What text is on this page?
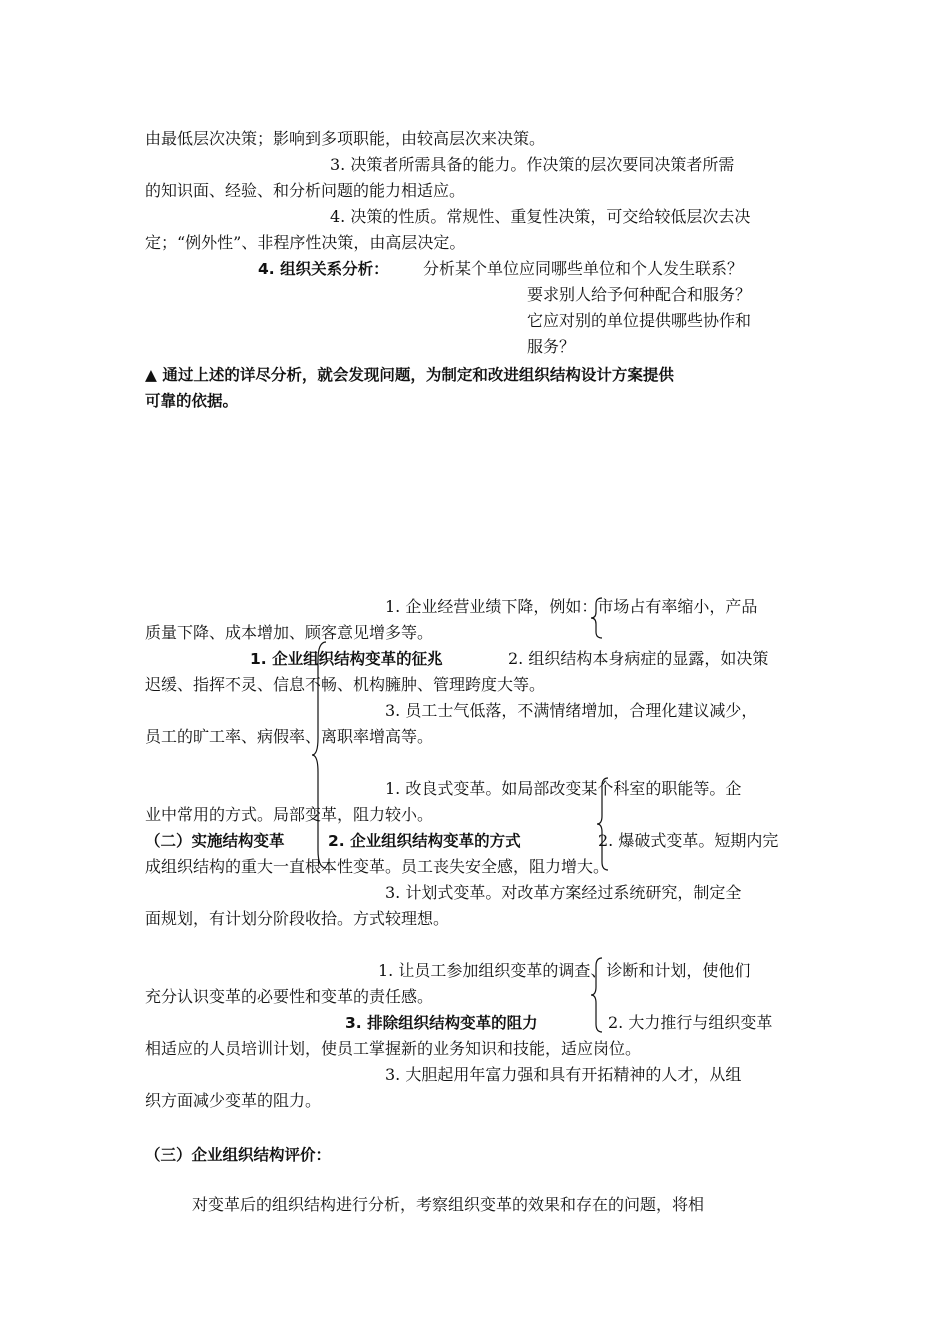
由最低层次决策；影响到多项职能，由较高层次来决策。
3. 决策者所需具备的能力。作决策的层次要同决策者所需
的知识面、经验、和分析问题的能力相适应。
4. 决策的性质。常规性、重复性决策，可交给较低层次去决
定；“例外性”、非程序性决策，由高层决定。
4. 组织关系分析： 分析某个单位应同哪些单位和个人发生联系？
要求别人给予何种配合和服务？
它应对别的单位提供哪些协作和
服务？
▲ 通过上述的详尽分析，就会发现问题，为制定和改进组织结构设计方案提供
可靠的依据。
1. 企业经营业绩下降，例如：市场占有率缩小，产品
质量下降、成本增加、顾客意见增多等。
1. 企业组织结构变革的征兆	2. 组织结构本身病症的显露，如决策
迟缓、指挥不灵、信息不畅、机构臃肿、管理跨度大等。
3. 员工士气低落，不满情绪增加，合理化建议减少，
员工的旷工率、病假率、离职率增高等。
1. 改良式变革。如局部改变某个科室的职能等。企
业中常用的方式。局部变革，阻力较小。
（二）实施结构变革	2. 企业组织结构变革的方式	2. 爆破式变革。短期内完
成组织结构的重大一直根本性变革。员工丧失安全感，阻力增大。
3. 计划式变革。对改革方案经过系统研究，制定全
面规划，有计划分阶段收拾。方式较理想。
1. 让员工参加组织变革的调查、诊断和计划，使他们
充分认识变革的必要性和变革的责任感。
3. 排除组织结构变革的阻力	2. 大力推行与组织变革
相适应的人员培训计划，使员工掌握新的业务知识和技能，适应岗位。
3. 大胆起用年富力强和具有开拓精神的人才，从组
织方面减少变革的阻力。
（三）企业组织结构评价：
对变革后的组织结构进行分析，考察组织变革的效果和存在的问题，将相
